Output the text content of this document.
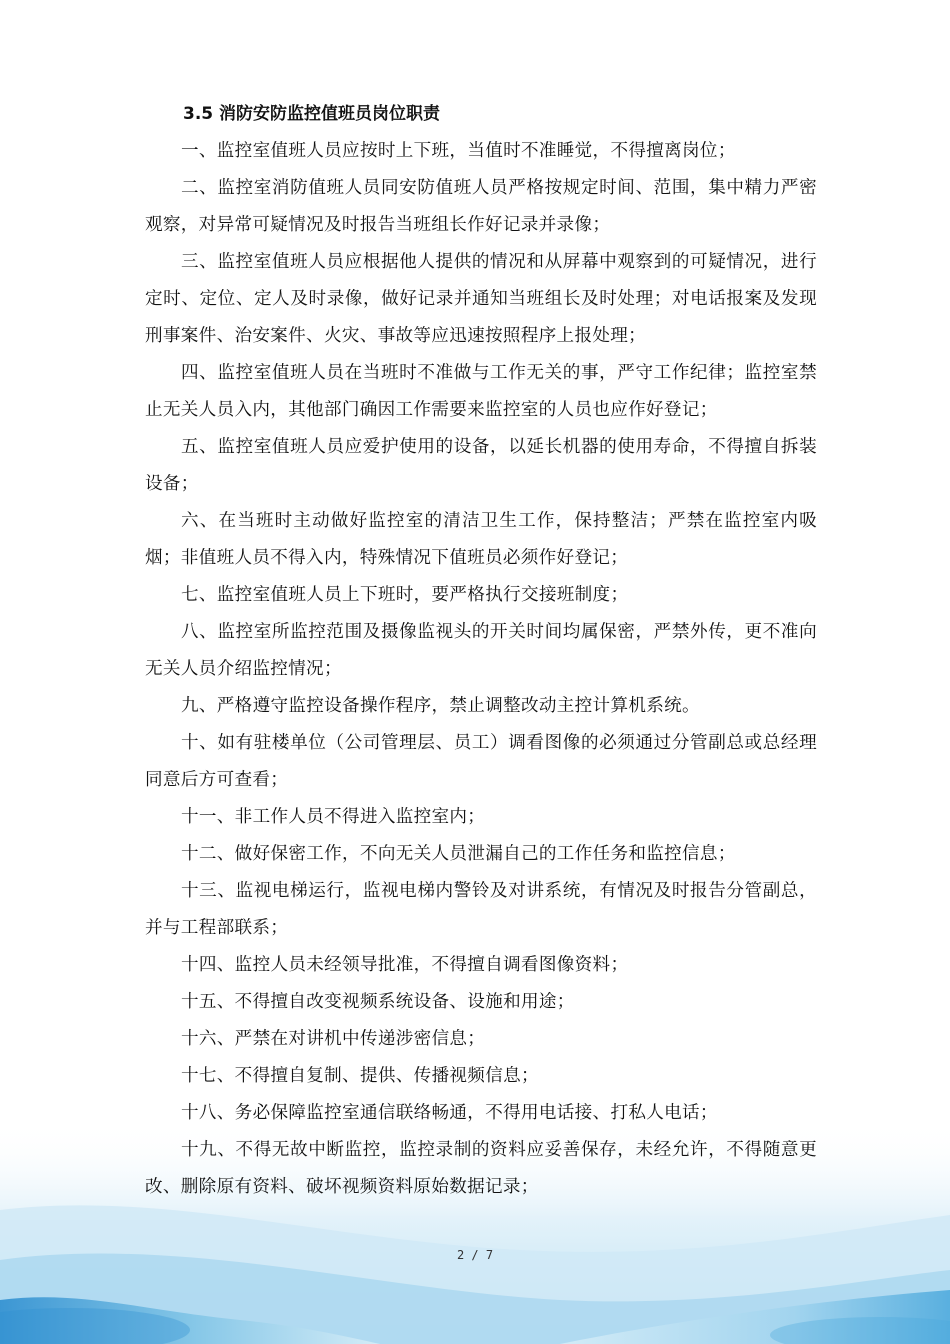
3.5 消防安防监控值班员岗位职责

一、监控室值班人员应按时上下班，当值时不准睡觉，不得擅离岗位；

二、监控室消防值班人员同安防值班人员严格按规定时间、范围，集中精力严密观察，对异常可疑情况及时报告当班组长作好记录并录像；

三、监控室值班人员应根据他人提供的情况和从屏幕中观察到的可疑情况，进行定时、定位、定人及时录像，做好记录并通知当班组长及时处理；对电话报案及发现刑事案件、治安案件、火灾、事故等应迅速按照程序上报处理；

四、监控室值班人员在当班时不准做与工作无关的事，严守工作纪律；监控室禁止无关人员入内，其他部门确因工作需要来监控室的人员也应作好登记；

五、监控室值班人员应爱护使用的设备，以延长机器的使用寿命，不得擅自拆装设备；

六、在当班时主动做好监控室的清洁卫生工作，保持整洁；严禁在监控室内吸烟；非值班人员不得入内，特殊情况下值班员必须作好登记；

七、监控室值班人员上下班时，要严格执行交接班制度；

八、监控室所监控范围及摄像监视头的开关时间均属保密，严禁外传，更不准向无关人员介绍监控情况；

九、严格遵守监控设备操作程序，禁止调整改动主控计算机系统。

十、如有驻楼单位（公司管理层、员工）调看图像的必须通过分管副总或总经理同意后方可查看；

十一、非工作人员不得进入监控室内；

十二、做好保密工作，不向无关人员泄漏自己的工作任务和监控信息；

十三、监视电梯运行，监视电梯内警铃及对讲系统，有情况及时报告分管副总，并与工程部联系；

十四、监控人员未经领导批准，不得擅自调看图像资料；

十五、不得擅自改变视频系统设备、设施和用途；

十六、严禁在对讲机中传递涉密信息；

十七、不得擅自复制、提供、传播视频信息；

十八、务必保障监控室通信联络畅通，不得用电话接、打私人电话；

十九、不得无故中断监控，监控录制的资料应妥善保存，未经允许，不得随意更改、删除原有资料、破坏视频资料原始数据记录；

2 / 7
